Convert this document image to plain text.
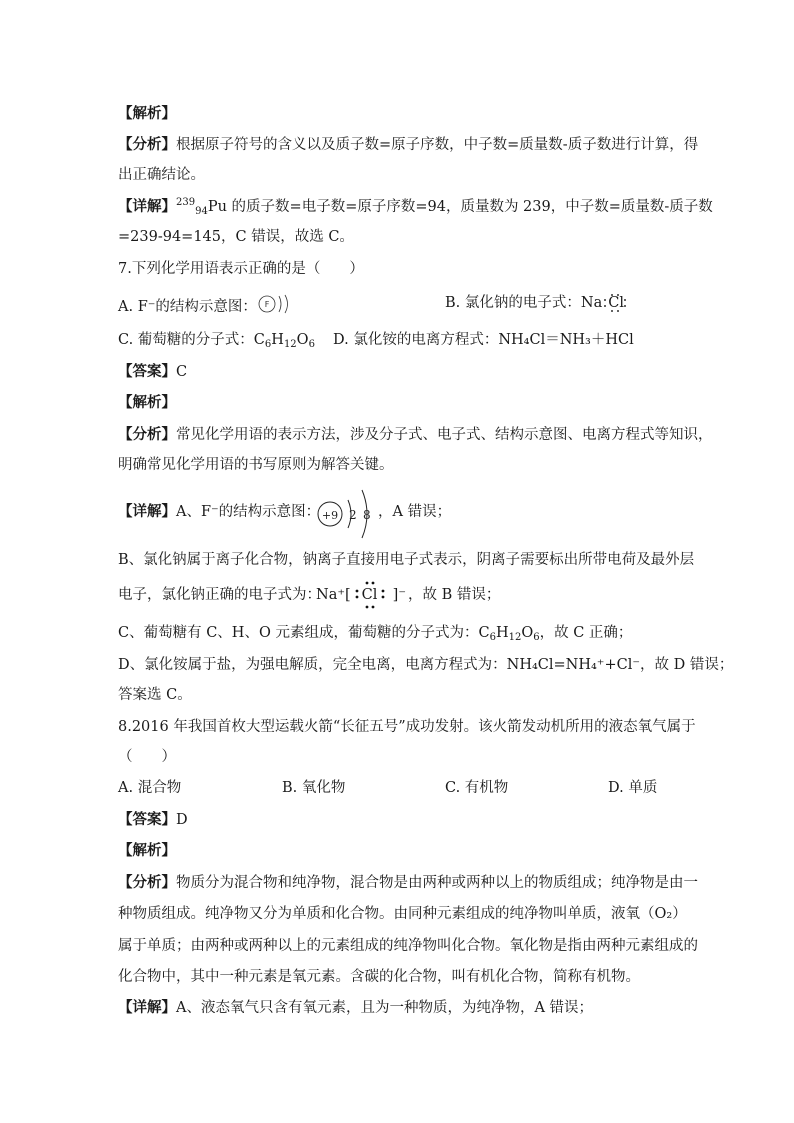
【解析】
【分析】根据原子符号的含义以及质子数=原子序数，中子数=质量数-质子数进行计算，得
出正确结论。
【详解】$^{239}_{94}$Pu 的质子数=电子数=原子序数=94，质量数为 239，中子数=质量数-质子数
=239-94=145，C 错误，故选 C。
7.下列化学用语表示正确的是（　　）
A. F⁻的结构示意图： F	B. 氯化钠的电子式：Na Cl
C. 葡萄糖的分子式：$C_6H_{12}O_6$ D. 氯化铵的电离方程式：NH₄Cl＝NH₃＋HCl
【答案】C
【解析】
【分析】常见化学用语的表示方法，涉及分子式、电子式、结构示意图、电离方程式等知识，
明确常见化学用语的书写原则为解答关键。
【详解】A、F⁻的结构示意图： +9 2 8 ，A 错误；
B、氯化钠属于离子化合物，钠离子直接用电子式表示，阴离子需要标出所带电荷及最外层
电子，氯化钠正确的电子式为：
Na⁺[ Cl ]⁻ ，故 B 错误；
C、葡萄糖有 C、H、O 元素组成，葡萄糖的分子式为：$C_6H_{12}O_6$，故 C 正确；
D、氯化铵属于盐，为强电解质，完全电离，电离方程式为：NH₄Cl=NH₄⁺+Cl⁻，故 D 错误；
答案选 C。
8.2016 年我国首枚大型运载火箭“长征五号”成功发射。该火箭发动机所用的液态氧气属于
（　　）
A. 混合物	B. 氧化物	C. 有机物	D. 单质
【答案】D
【解析】
【分析】物质分为混合物和纯净物，混合物是由两种或两种以上的物质组成；纯净物是由一
种物质组成。纯净物又分为单质和化合物。由同种元素组成的纯净物叫单质，液氧（O₂）
属于单质；由两种或两种以上的元素组成的纯净物叫化合物。氧化物是指由两种元素组成的
化合物中，其中一种元素是氧元素。含碳的化合物，叫有机化合物，简称有机物。
【详解】A、液态氧气只含有氧元素，且为一种物质，为纯净物，A 错误；
